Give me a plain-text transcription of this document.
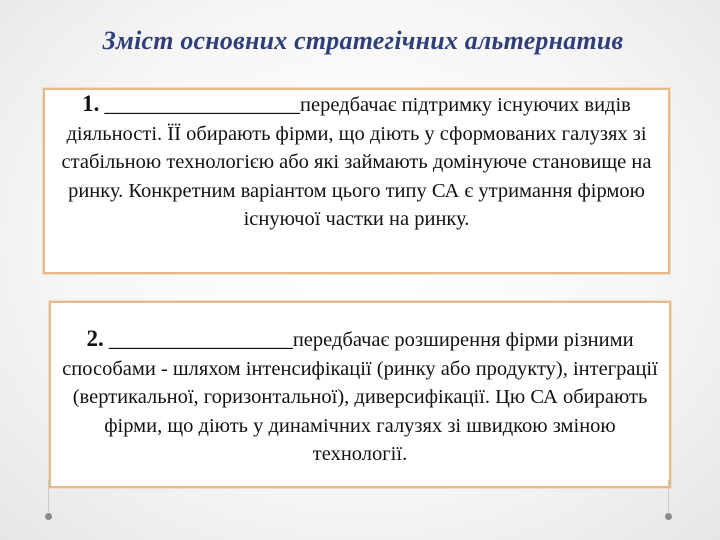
Зміст основних стратегічних альтернатив
1. _________________передбачає підтримку існуючих видів діяльності. ЇЇ обирають фірми, що діють у сформованих галузях зі стабільною технологією або які займають домінуюче становище на ринку. Конкретним варіантом цього типу СА є утримання фірмою існуючої частки на ринку.
2. ________________передбачає розширення фірми різними способами - шляхом інтенсифікації (ринку або продукту), інтеграції (вертикальної, горизонтальної), диверсифікації. Цю СА обирають фірми, що діють у динамічних галузях зі швидкою зміною технології.
